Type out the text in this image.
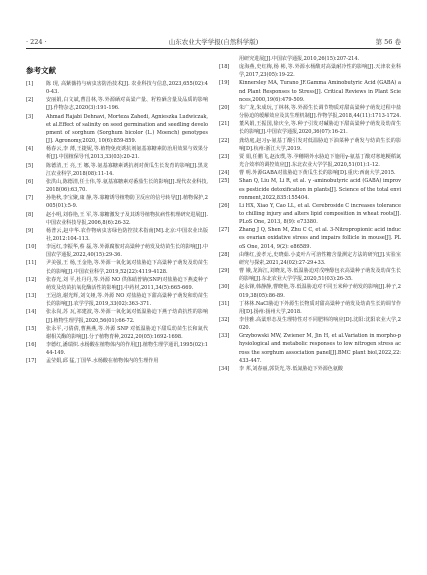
· 224 ·	山东农业大学学报(自然科学版)	第 56 卷
参考文献
[ 1 ]	陈 现, 高紫薇持与病虫害防治技术[J]. 农业科技与信息,2023,655(02):40-43.
[ 2 ]	安丽娟,白文斌,曹昌林,等.外源硒对高粱产量、籽粒硒含量及品质的影响[J].作物杂志,2020(3):191-196.
[ 3 ]	Ahmad Rajabi Dehnavi, Morteza Zahedi, Agnieszka Ludwiczak,et al.Effect of salinity on seed germination and seedling development of sorghum (Sorghum bicolor (L.) Moench) genotypes[J]. Agronomy,2020, 10(6):859-859.
[ 4 ]	杨春云,李 薄,王捷妮,等.植物免疫诱抗剂氨基寡糖素防治用效果与效果分析[J].中国植保导刊,2013,33(03):20-21.
[ 5 ]	陈德清,王 亮,王 娜,等.氨基寡糖素诱抗剂对黄瓜生长发育的影响[J].黑龙江农业科学,2018(08):11-14.
[ 6 ]	张洪山,陈德清,任士伟,等.氨基寡糖素对番茄生长的影响[J].现代农业科技,2018(06):63,70.
[ 7 ]	孙艳秋,李宝聚,康 静,等.寡糖诱导植物防卫反应的信号转导[J].植物保护,2005(01):5-9.
[ 8 ]	赵小明,刘春艳,王 军,等.寡糖激发子及其诱导植物抗病性机理研究进展[J].中国农业科技导报,2006,8(6):26-32.
[ 9 ]	杨普云,赵中华.农作物病虫害绿色防控技术指南[M].北京:中国农业出版社,2012:104-113.
[ 10 ]	李远红,李振华,蔡 磊,等.外源腐胺对高粱种子萌发及幼苗生长的影响[J].中国农学通报,2022,40(15):29-36.
[ 11 ]	尹美强,王 杨,王金艳,等.外源一氧化氮对盐胁迫下高粱种子萌发及幼苗生长的影响[J].中国农业科学,2019,52(22):4119-4128.
[ 12 ]	张春光,刘 平,杜丹丹,等.外源 NO 供体硝普钠(SNP)对盐胁迫下燕麦种子萌发及幼苗抗氧化酶活性的影响[J].中药材,2011,34(5):665-669.
[ 13 ]	王冠韵,谢光辉,刘文娅,等.外源 NO 对盐胁迫下甜高粱种子萌发和幼苗生长的影响[J].农学学报,2019,33(02):363-371.
[ 14 ]	张永岗,苏 瓦,祁建波,等.外源一氧化氮对低温胁迫下燕子幼苗抗性的影响[J].植物生理学报,2020,56(01):66-72.
[ 15 ]	张永平,刁倩倩,曹燕燕,等.外源 SNP 对低温胁迫下甜瓜幼苗生长和氮代谢相关酶的影响[J].分子植物育种,2022,20(05):1692-1698.
[ 16 ]	李德红,潘瑞炽.水杨酸在植物体内的作用[J].植物生理学通讯,1995(02):144-149.
[ 17 ]	孟莹娟,邱 猛,丁国华.水杨酸在植物体内的生理作用
用研究进展[J].中国农学通报,2010,26(15):207-214.
[ 18 ]	庞海燕,史红梅,杨 彬,等.外源水杨酸对高粱耐冷性的影响[J].天津农业科学,2017,23(05):19-22.
[ 19 ]	Kinnersley MA, Turano JF.Gamma Aminobutyric Acid (GABA) and Plant Responses to Stress[J]. Critical Reviews in Plant Sciences,2000,19(6):479-509.
[ 20 ]	朱广龙,朱成玩,丁林林,等.外源生长调节物质对甜高粱种子萌发过程中盐分胁迫的缓解效应及其生理机制[J].作物学报,2018,44(11):1713-1724.
[ 21 ]	董风娟,王振国,徐庆全,等.种子引发对碱胁迫下甜高粱种子萌发及幼苗生长的影响[J].中国农学通报,2020,36(07):16-21.
[ 22 ]	龚幼庭,赵习γ-氨基丁酸引发对低温胁迫下油菜种子萌发与幼苗生长的影响[D].杭州:浙江大学,2019.
[ 23 ]	贾 娟,任鹏飞,赵汝璞,等.孕穗期外水胁迫下施用γ-氨基丁酸对寒地粳稻氮光合效率的调控效应[J].东北农业大学学报,2020,51(01):1-12.
[ 24 ]	曹 明.外源GABA对盐胁迫下黄瓜生长的影响[D].重庆:西南大学,2015.
[ 25 ]	Shan Q, Liu M, Li R, et al. γ -aminobutyric acid (GABA) improves pesticide detoxification in plants[J]. Science of the total environment,2022,835:155404.
[ 26 ]	Li HX, Xiao Y, Cao LL, et al. Cerebroside C increases tolerance to chilling injury and alters lipid composition in wheat roots[J]. PLoS One, 2013, 8(9): e73380.
[ 27 ]	Zhang J Q, Shen M, Zhu C C, et al. 3-Nitropropionic acid induces ovarian oxidative stress and impairs follicle in mouse[J]. PLoS One, 2014, 9(2): e86589.
[ 28 ]	由继红,姜孝元,史晓茹.小麦叶片可溶性糖含量测定方法的研究[J].实验室研究与探索,2021,24(02):27-29+33.
[ 29 ]	曹 娥,龙海江,刘晓龙,等.低温胁迫对戊唑醇包衣高粱种子萌发及幼苗生长的影响[J].东北农业大学学报,2020,51(03):26-35.
[ 30 ]	赵永锋,韩静静,曹晓艳,等.低温胁迫对不同玉米种子萌发的影响[J].种子,2019,38(05):86-89.
[ 31 ]	丁林林.NaCl胁迫下外源生长物质对甜高粱种子萌发及幼苗生长的调节作用[D].扬州:扬州大学,2018.
[ 32 ]	李佳雅.高粱形态及生理特性对不同肥料的响应[D].沈阳:沈阳农业大学,2020.
[ 33 ]	Grzybowski MW, Zwiener M, Jin H, et al.Variation in morpho-physiological and metabolic responses to low nitrogen stress across the sorghum association panel[J].BMC plant biol,2022,22:433-447.
[ 34 ]	李 邦,刘春丽,郭货光,等.低氮胁迫下外源色氨酸
